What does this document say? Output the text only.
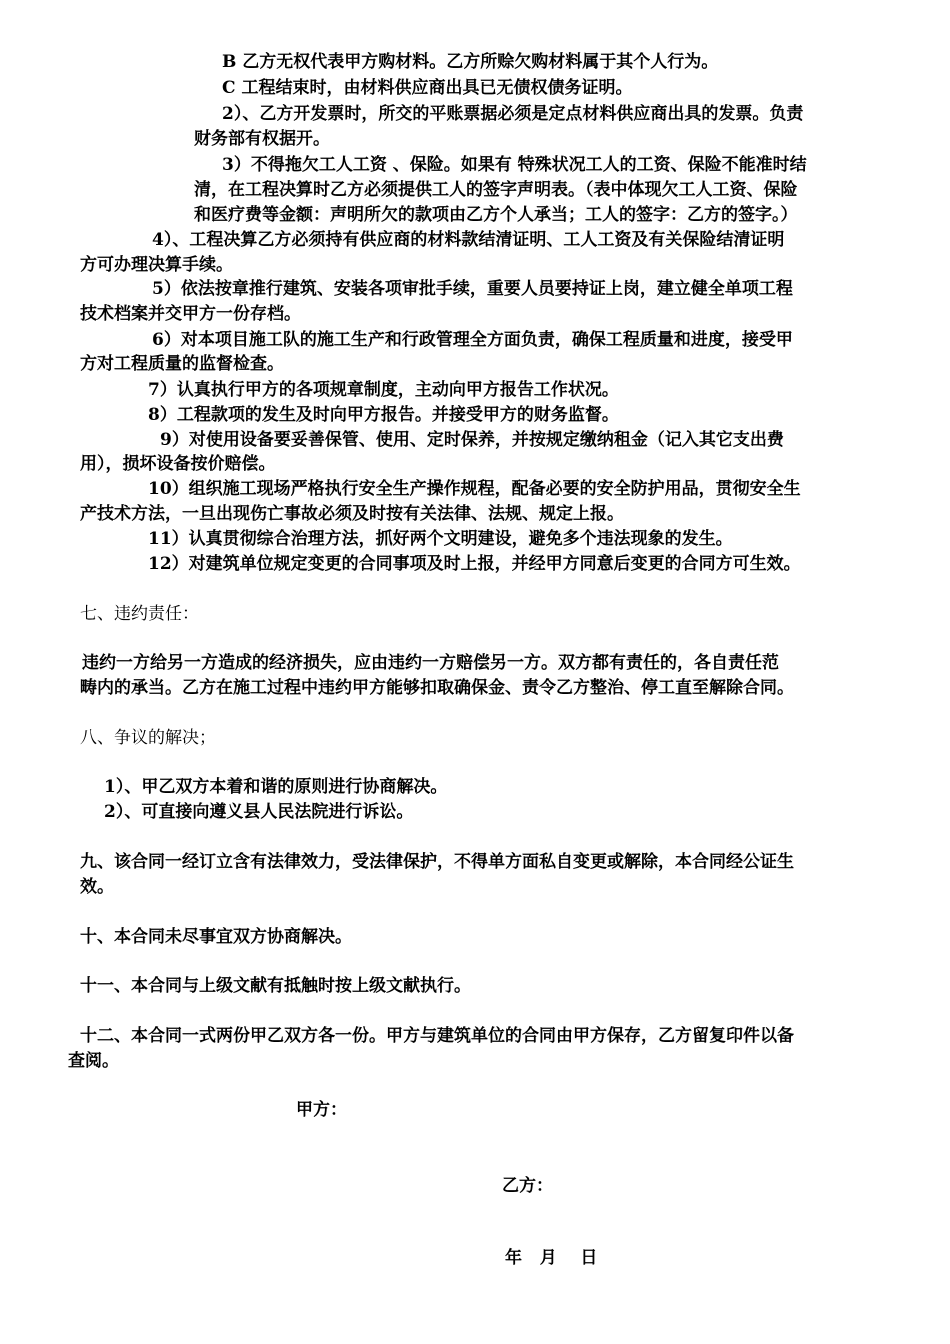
B 乙方无权代表甲方购材料。乙方所赊欠购材料属于其个人行为。
C 工程结束时，由材料供应商出具已无债权债务证明。
2）、乙方开发票时，所交的平账票据必须是定点材料供应商出具的发票。负责
财务部有权据开。
3）不得拖欠工人工资 、保险。如果有 特殊状况工人的工资、保险不能准时结
清，在工程决算时乙方必须提供工人的签字声明表。（表中体现欠工人工资、保险
和医疗费等金额：声明所欠的款项由乙方个人承当；工人的签字：乙方的签字。）
4）、工程决算乙方必须持有供应商的材料款结清证明、工人工资及有关保险结清证明
方可办理决算手续。
5）依法按章推行建筑、安装各项审批手续，重要人员要持证上岗，建立健全单项工程
技术档案并交甲方一份存档。
6）对本项目施工队的施工生产和行政管理全方面负责，确保工程质量和进度，接受甲
方对工程质量的监督检查。
7）认真执行甲方的各项规章制度，主动向甲方报告工作状况。
8）工程款项的发生及时向甲方报告。并接受甲方的财务监督。
9）对使用设备要妥善保管、使用、定时保养，并按规定缴纳租金（记入其它支出费
用），损坏设备按价赔偿。
10）组织施工现场严格执行安全生产操作规程，配备必要的安全防护用品，贯彻安全生
产技术方法，一旦出现伤亡事故必须及时按有关法律、法规、规定上报。
11）认真贯彻综合治理方法，抓好两个文明建设，避免多个违法现象的发生。
12）对建筑单位规定变更的合同事项及时上报，并经甲方同意后变更的合同方可生效。
七、违约责任：
违约一方给另一方造成的经济损失，应由违约一方赔偿另一方。双方都有责任的，各自责任范
畴内的承当。乙方在施工过程中违约甲方能够扣取确保金、责令乙方整治、停工直至解除合同。
八、争议的解决；
1）、甲乙双方本着和谐的原则进行协商解决。
2）、可直接向遵义县人民法院进行诉讼。
九、该合同一经订立含有法律效力，受法律保护，不得单方面私自变更或解除，本合同经公证生
效。
十、本合同未尽事宜双方协商解决。
十一、本合同与上级文献有抵触时按上级文献执行。
十二、本合同一式两份甲乙双方各一份。甲方与建筑单位的合同由甲方保存，乙方留复印件以备
查阅。
甲方：
乙方：
年   月    日
